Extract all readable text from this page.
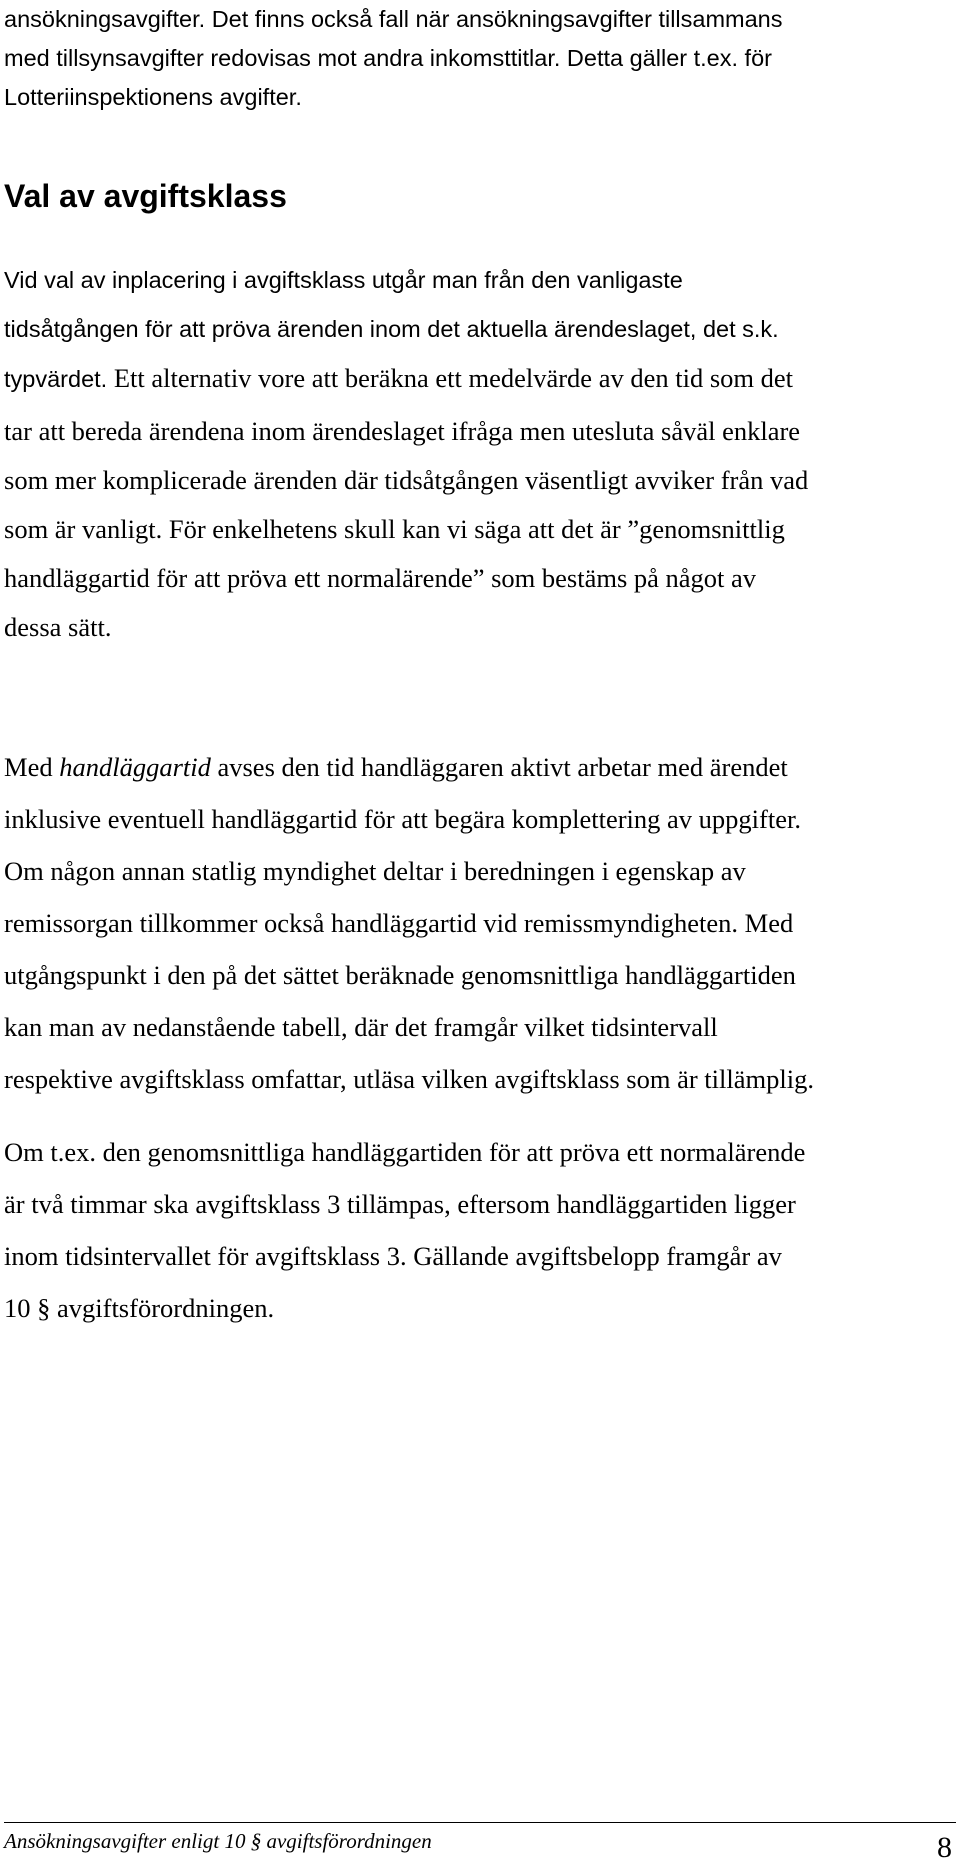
ansökningsavgifter. Det finns också fall när ansökningsavgifter tillsammans
med tillsynsavgifter redovisas mot andra inkomsttitlar. Detta gäller t.ex. för
Lotteriinspektionens avgifter.
Val av avgiftsklass
Vid val av inplacering i avgiftsklass utgår man från den vanligaste
tidsåtgången för att pröva ärenden inom det aktuella ärendeslaget, det s.k.
typvärdet. Ett alternativ vore att beräkna ett medelvärde av den tid som det
tar att bereda ärendena inom ärendeslaget ifråga men utesluta såväl enklare
som mer komplicerade ärenden där tidsåtgången väsentligt avviker från vad
som är vanligt. För enkelhetens skull kan vi säga att det är ”genomsnittlig
handläggartid för att pröva ett normalärende” som bestäms på något av
dessa sätt.
Med handläggartid avses den tid handläggaren aktivt arbetar med ärendet
inklusive eventuell handläggartid för att begära komplettering av uppgifter.
Om någon annan statlig myndighet deltar i beredningen i egenskap av
remissorgan tillkommer också handläggartid vid remissmyndigheten. Med
utgångspunkt i den på det sättet beräknade genomsnittliga handläggartiden
kan man av nedanstående tabell, där det framgår vilket tidsintervall
respektive avgiftsklass omfattar, utläsa vilken avgiftsklass som är tillämplig.
Om t.ex. den genomsnittliga handläggartiden för att pröva ett normalärende
är två timmar ska avgiftsklass 3 tillämpas, eftersom handläggartiden ligger
inom tidsintervallet för avgiftsklass 3. Gällande avgiftsbelopp framgår av
10 § avgiftsförordningen.
Ansökningsavgifter enligt 10 § avgiftsförordningen	8
